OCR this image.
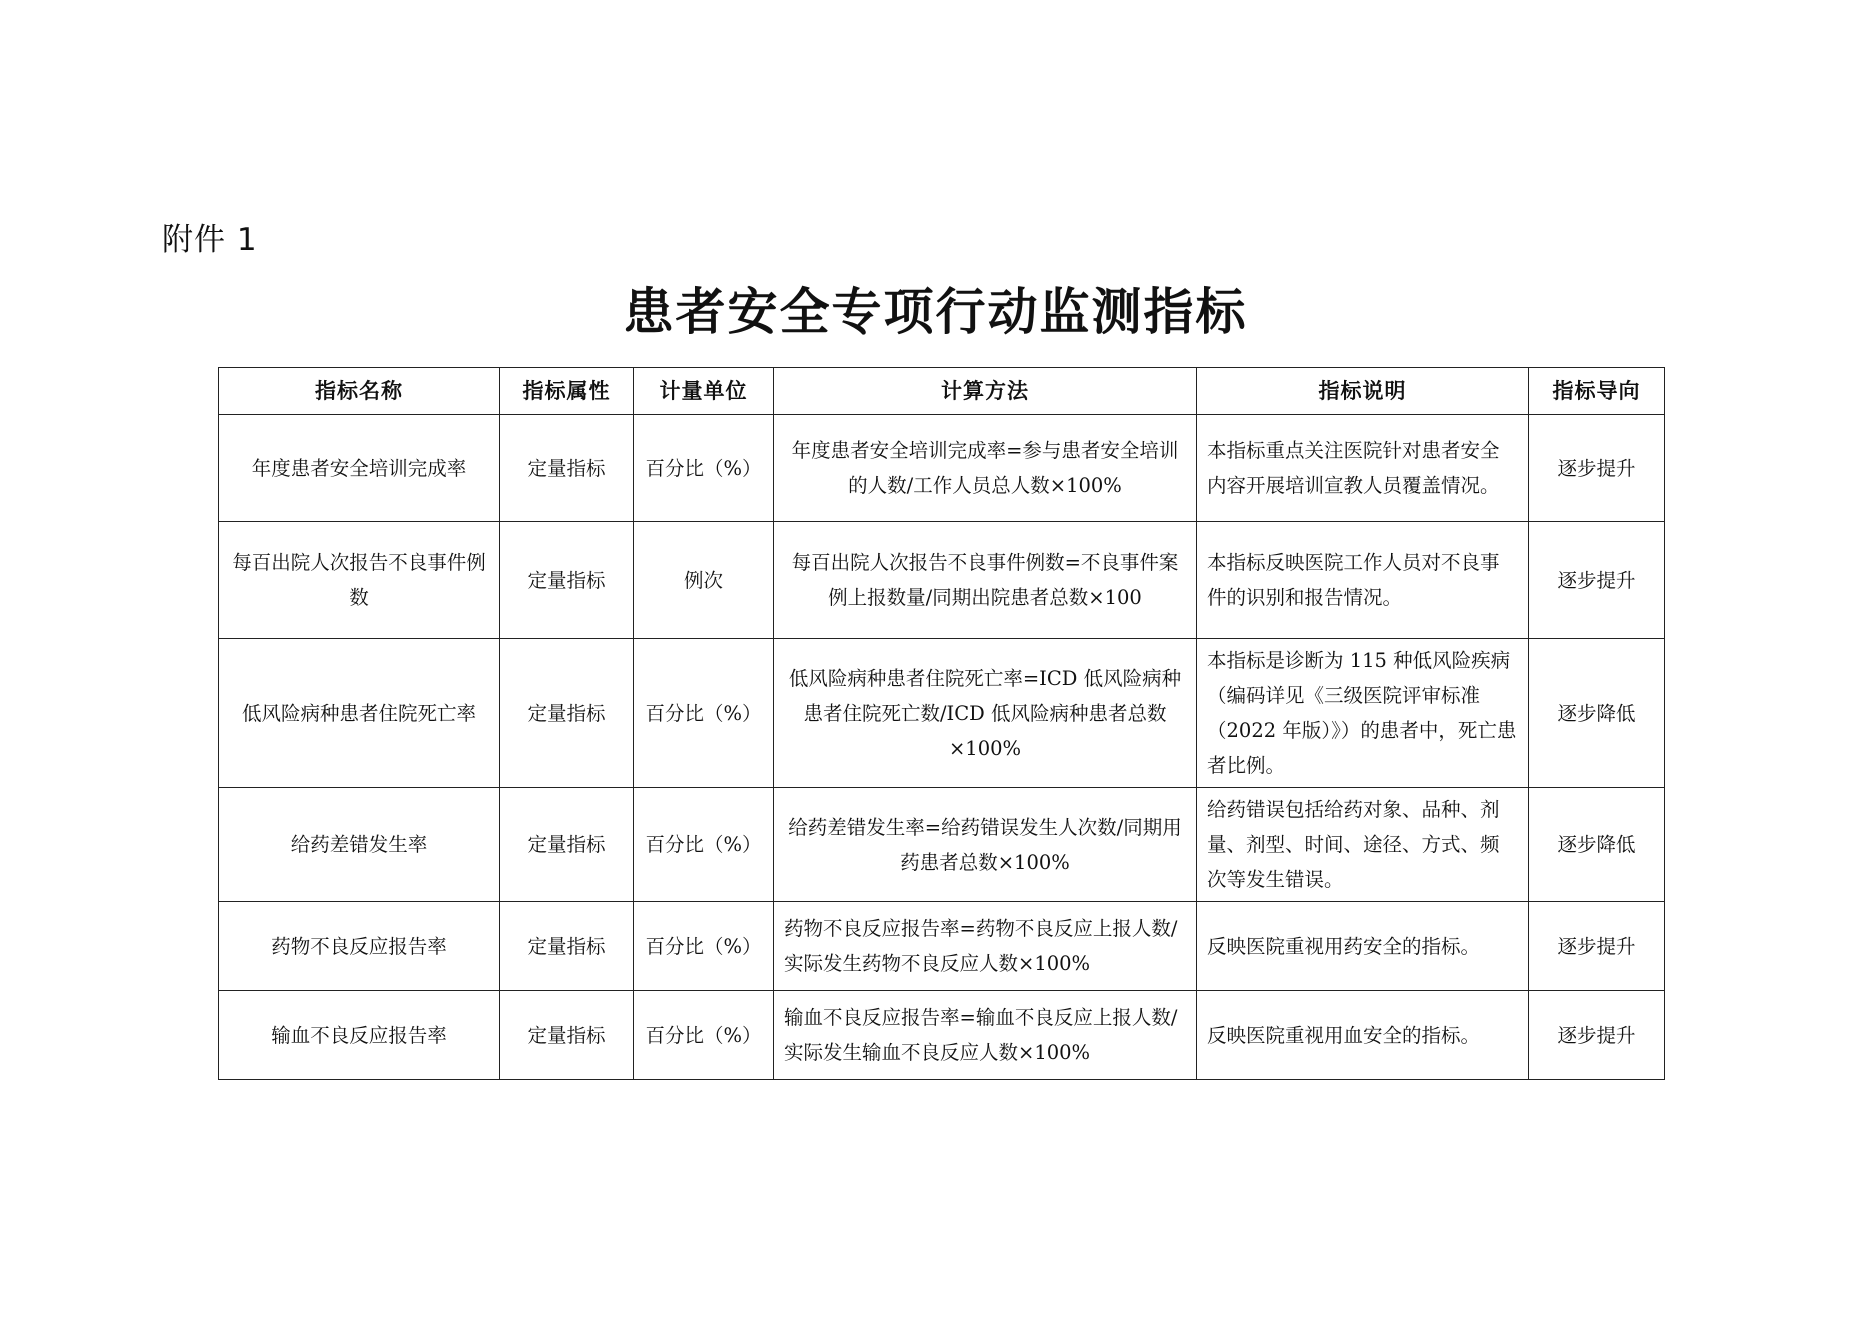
附件 1
患者安全专项行动监测指标
指标名称	指标属性	计量单位	计算方法	指标说明	指标导向
年度患者安全培训完成率	定量指标	百分比（%）	年度患者安全培训完成率=参与患者安全培训的人数/工作人员总人数×100%	本指标重点关注医院针对患者安全内容开展培训宣教人员覆盖情况。	逐步提升
每百出院人次报告不良事件例数	定量指标	例次	每百出院人次报告不良事件例数=不良事件案例上报数量/同期出院患者总数×100	本指标反映医院工作人员对不良事件的识别和报告情况。	逐步提升
低风险病种患者住院死亡率	定量指标	百分比（%）	低风险病种患者住院死亡率=ICD 低风险病种患者住院死亡数/ICD 低风险病种患者总数×100%	本指标是诊断为 115 种低风险疾病（编码详见《三级医院评审标准（2022 年版）》）的患者中，死亡患者比例。	逐步降低
给药差错发生率	定量指标	百分比（%）	给药差错发生率=给药错误发生人次数/同期用药患者总数×100%	给药错误包括给药对象、品种、剂量、剂型、时间、途径、方式、频次等发生错误。	逐步降低
药物不良反应报告率	定量指标	百分比（%）	药物不良反应报告率=药物不良反应上报人数/实际发生药物不良反应人数×100%	反映医院重视用药安全的指标。	逐步提升
输血不良反应报告率	定量指标	百分比（%）	输血不良反应报告率=输血不良反应上报人数/实际发生输血不良反应人数×100%	反映医院重视用血安全的指标。	逐步提升
